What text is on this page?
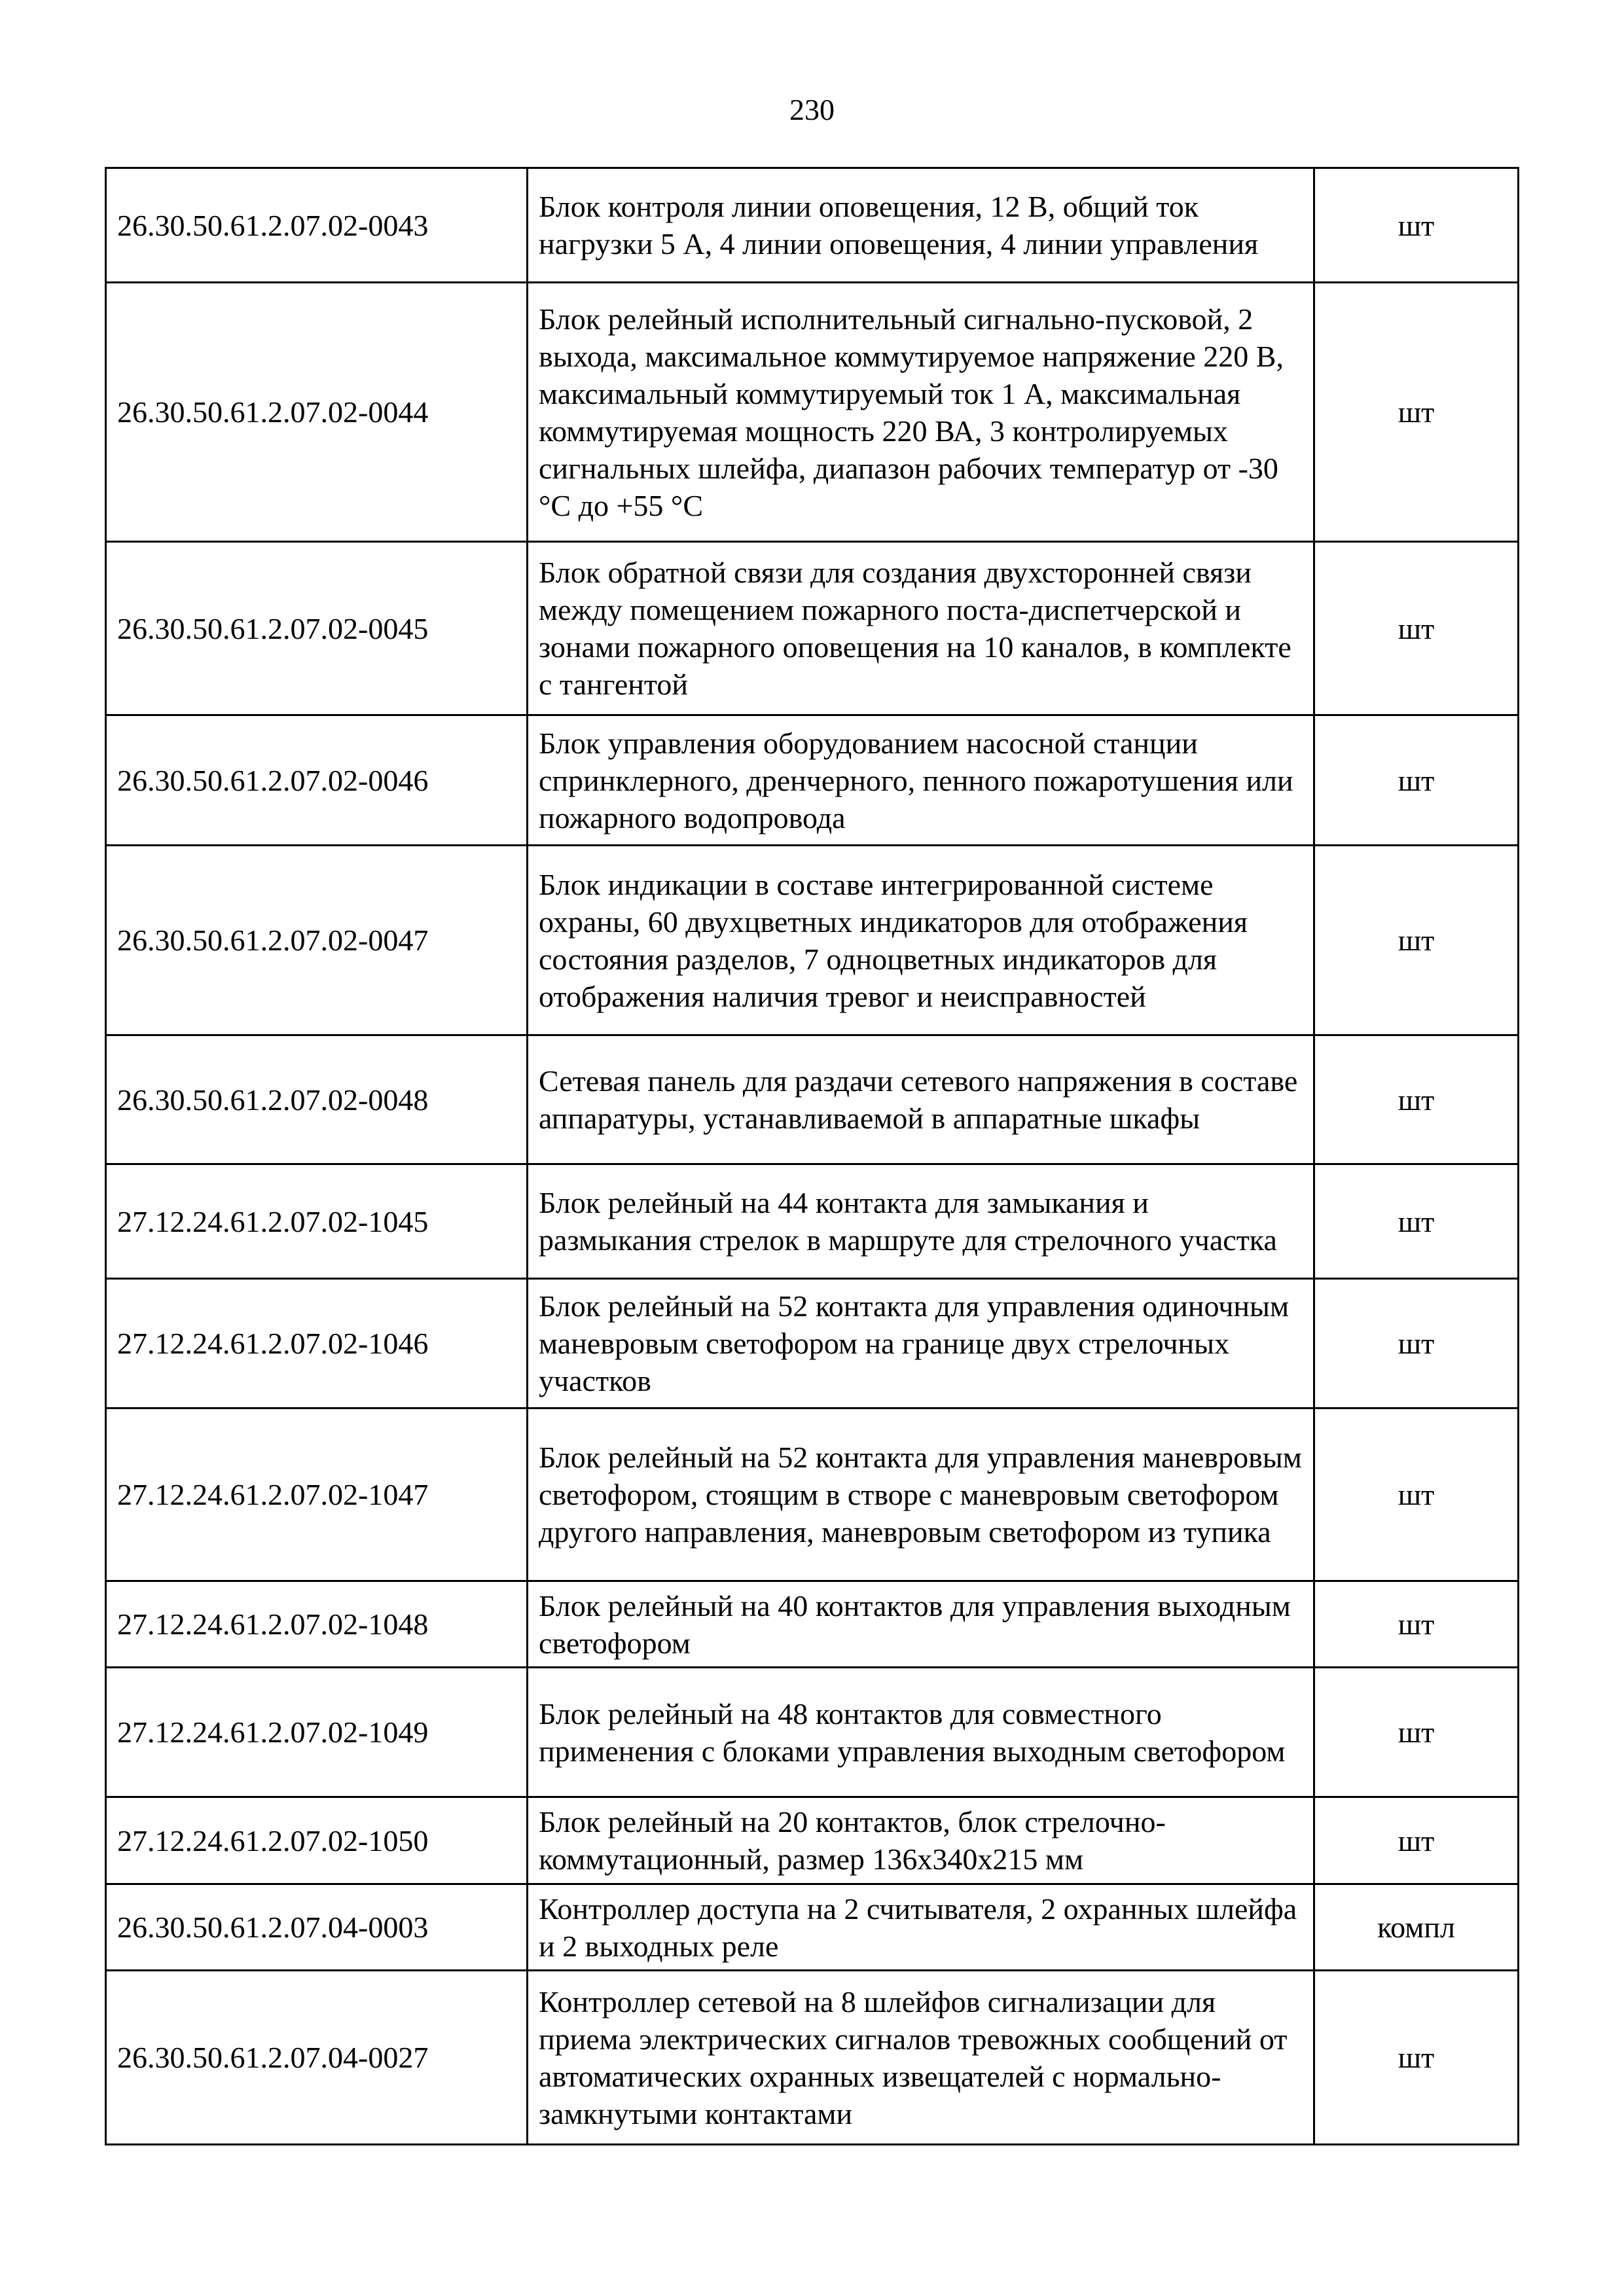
230
26.30.50.61.2.07.02-0043	Блок контроля линии оповещения, 12 В, общий ток нагрузки 5 А, 4 линии оповещения, 4 линии управления	шт
26.30.50.61.2.07.02-0044	Блок релейный исполнительный сигнально-пусковой, 2 выхода, максимальное коммутируемое напряжение 220 В, максимальный коммутируемый ток 1 А, максимальная коммутируемая мощность 220 ВА, 3 контролируемых сигнальных шлейфа, диапазон рабочих температур от -30 °С до +55 °С	шт
26.30.50.61.2.07.02-0045	Блок обратной связи для создания двухсторонней связи между помещением пожарного поста-диспетчерской и зонами пожарного оповещения на 10 каналов, в комплекте с тангентой	шт
26.30.50.61.2.07.02-0046	Блок управления оборудованием насосной станции спринклерного, дренчерного, пенного пожаротушения или пожарного водопровода	шт
26.30.50.61.2.07.02-0047	Блок индикации в составе интегрированной системе охраны, 60 двухцветных индикаторов для отображения состояния разделов, 7 одноцветных индикаторов для отображения наличия тревог и неисправностей	шт
26.30.50.61.2.07.02-0048	Сетевая панель для раздачи сетевого напряжения в составе аппаратуры, устанавливаемой в аппаратные шкафы	шт
27.12.24.61.2.07.02-1045	Блок релейный на 44 контакта для замыкания и размыкания стрелок в маршруте для стрелочного участка	шт
27.12.24.61.2.07.02-1046	Блок релейный на 52 контакта для управления одиночным маневровым светофором на границе двух стрелочных участков	шт
27.12.24.61.2.07.02-1047	Блок релейный на 52 контакта для управления маневровым светофором, стоящим в створе с маневровым светофором другого направления, маневровым светофором из тупика	шт
27.12.24.61.2.07.02-1048	Блок релейный на 40 контактов для управления выходным светофором	шт
27.12.24.61.2.07.02-1049	Блок релейный на 48 контактов для совместного применения с блоками управления выходным светофором	шт
27.12.24.61.2.07.02-1050	Блок релейный на 20 контактов, блок стрелочно-коммутационный, размер 136х340х215 мм	шт
26.30.50.61.2.07.04-0003	Контроллер доступа на 2 считывателя, 2 охранных шлейфа и 2 выходных реле	компл
26.30.50.61.2.07.04-0027	Контроллер сетевой на 8 шлейфов сигнализации для приема электрических сигналов тревожных сообщений от автоматических охранных извещателей с нормально-замкнутыми контактами	шт
